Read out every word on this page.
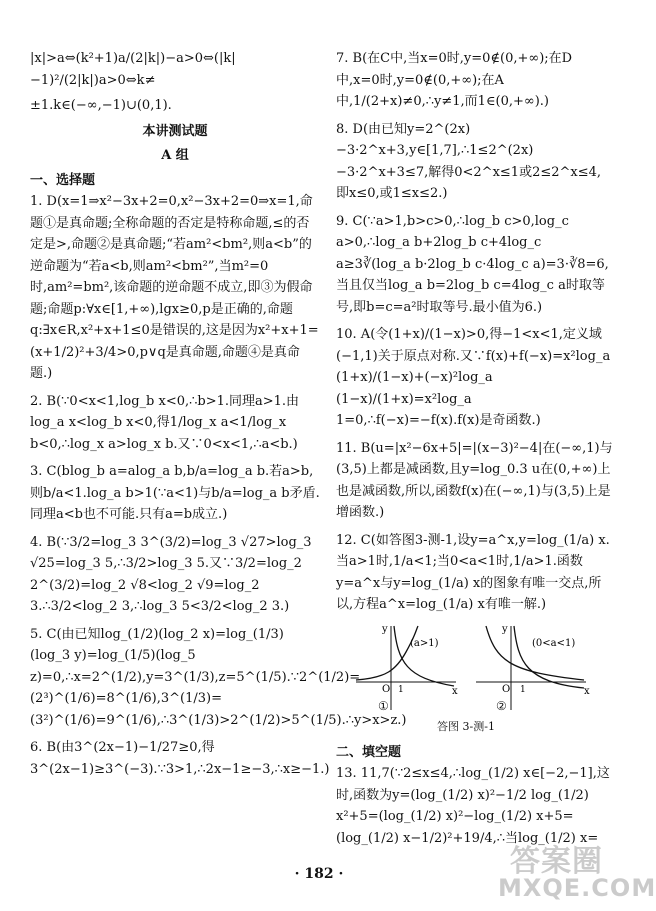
|x|>a⇔(k²+1)a/(2|k|)−a>0⇔(|k|−1)²/(2|k|)a>0⇔k≠

±1.k∈(−∞,−1)∪(0,1).

本讲测试题
A 组
一、选择题

1. D(x=1⇒x²−3x+2=0,x²−3x+2=0⇒x=1,命题①是真命题;全称命题的否定是特称命题,≤的否定是>,命题②是真命题;“若am²<bm²,则a<b”的逆命题为“若a<b,则am²<bm²”,当m²=0时,am²=bm²,该命题的逆命题不成立,即③为假命题;命题p:∀x∈[1,+∞),lgx≥0,p是正确的,命题q:∃x∈R,x²+x+1≤0是错误的,这是因为x²+x+1=(x+1/2)²+3/4>0,p∨q是真命题,命题④是真命题.)

2. B(∵0<x<1,log_b x<0,∴b>1.同理a>1.由log_a x<log_b x<0,得1/log_x a<1/log_x b<0,∴log_x a>log_x b.又∵0<x<1,∴a<b.)

3. C(blog_b a=alog_a b,b/a=log_a b.若a>b,则b/a<1.log_a b>1(∵a<1)与b/a=log_a b矛盾.同理a<b也不可能.只有a=b成立.)

4. B(∵3/2=log_3 3^(3/2)=log_3 √27>log_3 √25=log_3 5,∴3/2>log_3 5.又∵3/2=log_2 2^(3/2)=log_2 √8<log_2 √9=log_2 3.∴3/2<log_2 3,∴log_3 5<3/2<log_2 3.)

5. C(由已知log_(1/2)(log_2 x)=log_(1/3)(log_3 y)=log_(1/5)(log_5 z)=0,∴x=2^(1/2),y=3^(1/3),z=5^(1/5).∵2^(1/2)=(2³)^(1/6)=8^(1/6),3^(1/3)=(3²)^(1/6)=9^(1/6),∴3^(1/3)>2^(1/2)>5^(1/5).∴y>x>z.)

6. B(由3^(2x−1)−1/27≥0,得3^(2x−1)≥3^(−3).∵3>1,∴2x−1≥−3,∴x≥−1.)

7. B(在C中,当x=0时,y=0∉(0,+∞);在D中,x=0时,y=0∉(0,+∞);在A中,1/(2+x)≠0,∴y≠1,而1∈(0,+∞).)

8. D(由已知y=2^(2x)−3·2^x+3,y∈[1,7],∴1≤2^(2x)−3·2^x+3≤7,解得0<2^x≤1或2≤2^x≤4,即x≤0,或1≤x≤2.)

9. C(∵a>1,b>c>0,∴log_b c>0,log_c a>0,∴log_a b+2log_b c+4log_c a≥3∛(log_a b·2log_b c·4log_c a)=3·∛8=6,当且仅当log_a b=2log_b c=4log_c a时取等号,即b=c=a²时取等号.最小值为6.)

10. A(令(1+x)/(1−x)>0,得−1<x<1,定义域(−1,1)关于原点对称.又∵f(x)+f(−x)=x²log_a (1+x)/(1−x)+(−x)²log_a (1−x)/(1+x)=x²log_a 1=0,∴f(−x)=−f(x).f(x)是奇函数.)

11. B(u=|x²−6x+5|=|(x−3)²−4|在(−∞,1)与(3,5)上都是减函数,且y=log_0.3 u在(0,+∞)上也是减函数,所以,函数f(x)在(−∞,1)与(3,5)上是增函数.)

12. C(如答图3-测-1,设y=a^x,y=log_(1/a) x.当a>1时,1/a<1;当0<a<1时,1/a>1.函数y=a^x与y=log_(1/a) x的图象有唯一交点,所以,方程a^x=log_(1/a) x有唯一解.)

y
x
O 1
(a>1)
y
x
O 1
(0<a<1)
①	②
答图 3-测-1
二、填空题

13. 11,7(∵2≤x≤4,∴log_(1/2) x∈[−2,−1],这时,函数为y=(log_(1/2) x)²−1/2 log_(1/2) x²+5=(log_(1/2) x)²−log_(1/2) x+5=(log_(1/2) x−1/2)²+19/4,∴当log_(1/2) x=

· 182 ·	答案圈
MXQE.COM
